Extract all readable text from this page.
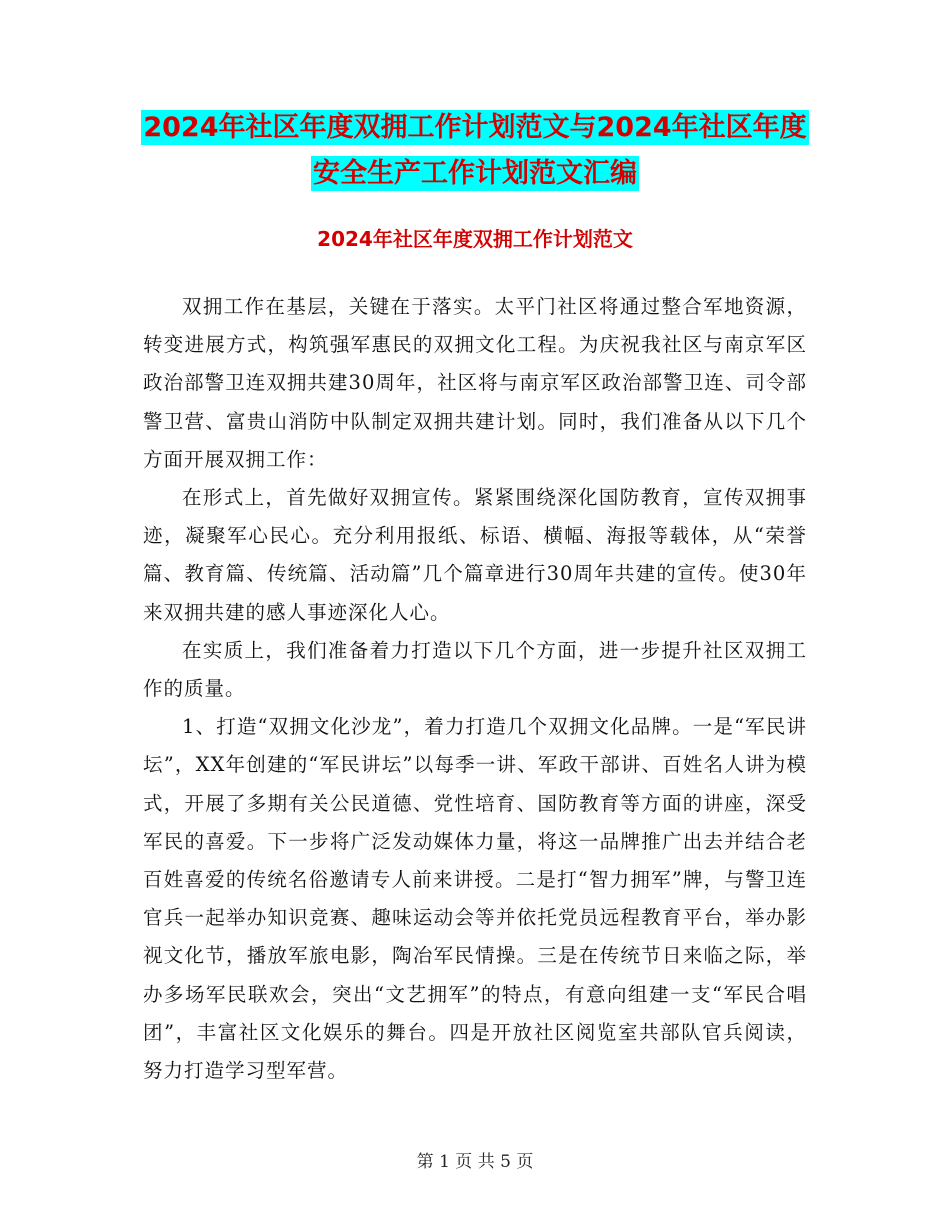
2024年社区年度双拥工作计划范文与2024年社区年度
安全生产工作计划范文汇编
2024年社区年度双拥工作计划范文

双拥工作在基层，关键在于落实。太平门社区将通过整合军地资源，转变进展方式，构筑强军惠民的双拥文化工程。为庆祝我社区与南京军区政治部警卫连双拥共建30周年，社区将与南京军区政治部警卫连、司令部警卫营、富贵山消防中队制定双拥共建计划。同时，我们准备从以下几个方面开展双拥工作：

在形式上，首先做好双拥宣传。紧紧围绕深化国防教育，宣传双拥事迹，凝聚军心民心。充分利用报纸、标语、横幅、海报等载体，从“荣誉篇、教育篇、传统篇、活动篇”几个篇章进行30周年共建的宣传。使30年来双拥共建的感人事迹深化人心。

在实质上，我们准备着力打造以下几个方面，进一步提升社区双拥工作的质量。

1、打造“双拥文化沙龙”，着力打造几个双拥文化品牌。一是“军民讲坛”，XX年创建的“军民讲坛”以每季一讲、军政干部讲、百姓名人讲为模式，开展了多期有关公民道德、党性培育、国防教育等方面的讲座，深受军民的喜爱。下一步将广泛发动媒体力量，将这一品牌推广出去并结合老百姓喜爱的传统名俗邀请专人前来讲授。二是打“智力拥军”牌，与警卫连官兵一起举办知识竞赛、趣味运动会等并依托党员远程教育平台，举办影视文化节，播放军旅电影，陶冶军民情操。三是在传统节日来临之际，举办多场军民联欢会，突出“文艺拥军”的特点，有意向组建一支“军民合唱团”，丰富社区文化娱乐的舞台。四是开放社区阅览室共部队官兵阅读，努力打造学习型军营。

第 1 页 共 5 页
